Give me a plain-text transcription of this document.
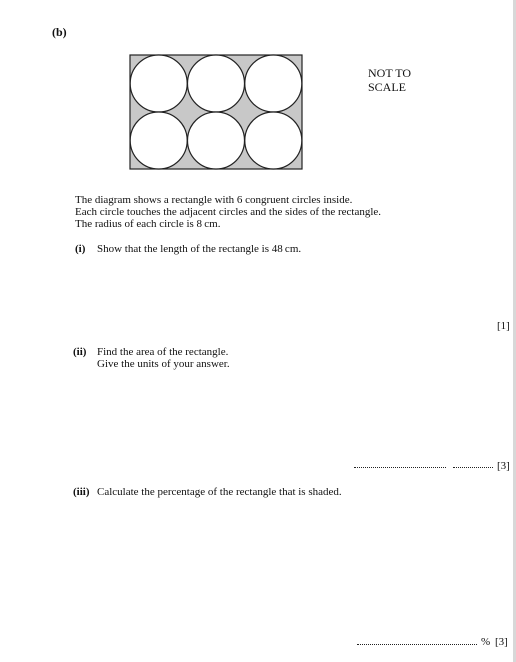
(b)
NOT TO
SCALE
The diagram shows a rectangle with 6 congruent circles inside.
Each circle touches the adjacent circles and the sides of the rectangle.
The radius of each circle is 8 cm.
(i) Show that the length of the rectangle is 48 cm.
[1]
(ii) Find the area of the rectangle.
Give the units of your answer.
[3]
(iii) Calculate the percentage of the rectangle that is shaded.
% [3]
